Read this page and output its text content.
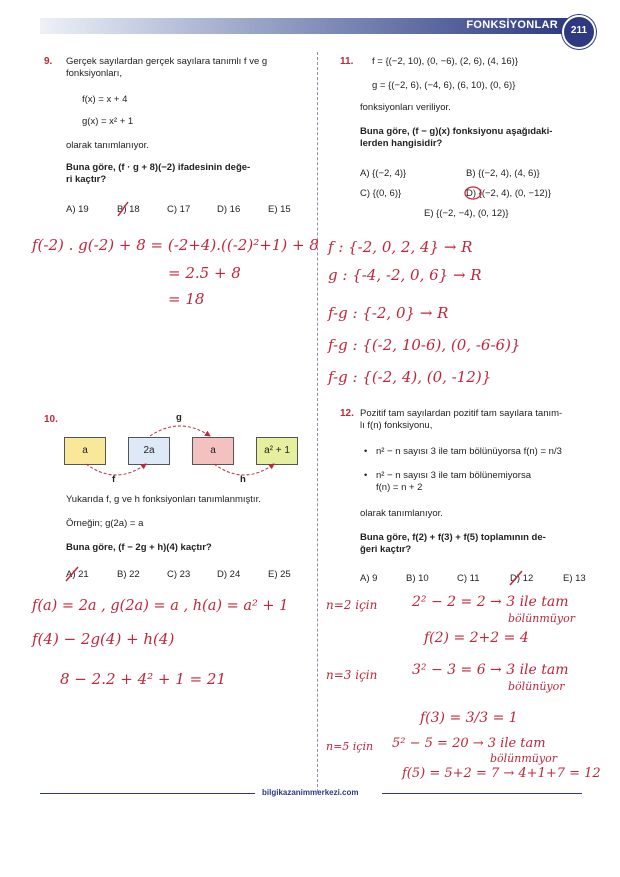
FONKSİYONLAR	211
9. Gerçek sayılardan gerçek sayılara tanımlı f ve g
fonksiyonları,
f(x) = x + 4
g(x) = x² + 1
olarak tanımlanıyor.
Buna göre, (f · g + 8)(−2) ifadesinin değe-
ri kaçtır?
A) 19	B) 18	C) 17	D) 16	E) 15
f(-2) . g(-2) + 8 = (-2+4).((-2)²+1) + 8
= 2.5 + 8
= 18
10.
a	2a	a	a² + 1
g
f	h
Yukarıda f, g ve h fonksiyonları tanımlanmıştır.
Örneğin; g(2a) = a
Buna göre, (f − 2g + h)(4) kaçtır?
A) 21	B) 22	C) 23	D) 24	E) 25
f(a) = 2a , g(2a) = a , h(a) = a² + 1
f(4) − 2g(4) + h(4)
8 − 2.2 + 4² + 1 = 21
11. f = {(−2, 10), (0, −6), (2, 6), (4, 16)}
g = {(−2, 6), (−4, 6), (6, 10), (0, 6)}
fonksiyonları veriliyor.
Buna göre, (f − g)(x) fonksiyonu aşağıdaki-
lerden hangisidir?
A) {(−2, 4)}	B) {(−2, 4), (4, 6)}
C) {(0, 6)}	D) {(−2, 4), (0, −12)}
E) {(−2, −4), (0, 12)}
f : {-2, 0, 2, 4} → R
g : {-4, -2, 0, 6} → R
f-g : {-2, 0} → R
f-g : {(-2, 10-6), (0, -6-6)}
f-g : {(-2, 4), (0, -12)}
12. Pozitif tam sayılardan pozitif tam sayılara tanım-
lı f(n) fonksiyonu,
• n² − n sayısı 3 ile tam bölünüyorsa f(n) = n/3
• n² − n sayısı 3 ile tam bölünemiyorsa
f(n) = n + 2
olarak tanımlanıyor.
Buna göre, f(2) + f(3) + f(5) toplamının de-
ğeri kaçtır?
A) 9	B) 10	C) 11	D) 12	E) 13
n=2 için 2² − 2 = 2 → 3 ile tam
bölünmüyor
f(2) = 2+2 = 4
n=3 için 3² − 3 = 6 → 3 ile tam
bölünüyor
f(3) = 3/3 = 1
n=5 için 5² − 5 = 20 → 3 ile tam
bölünmüyor
f(5) = 5+2 = 7 → 4+1+7 = 12
bilgikazanimmerkezi.com
